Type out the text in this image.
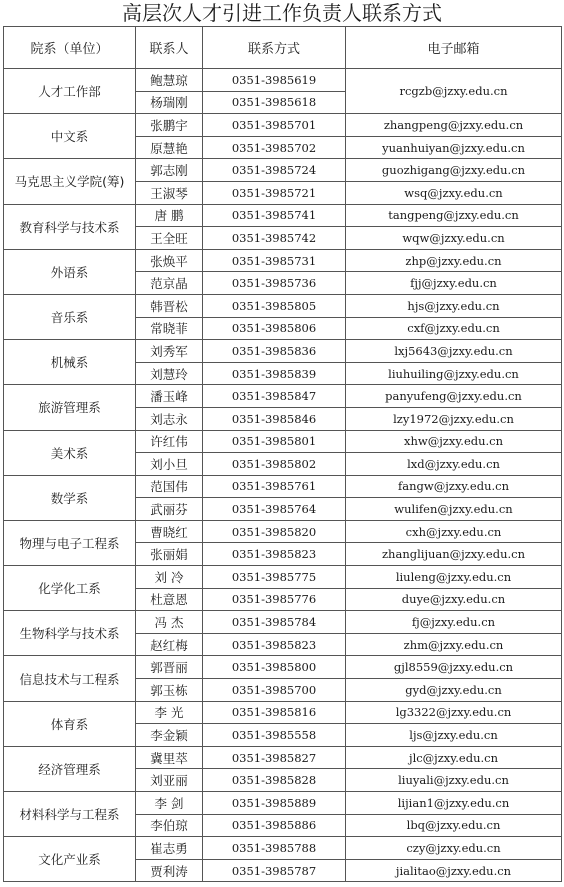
高层次人才引进工作负责人联系方式
院系（单位）	联系人	联系方式	电子邮箱
人才工作部	鲍慧琼	0351-3985619	rcgzb@jzxy.edu.cn
	杨瑞刚	0351-3985618	
中文系	张鹏宇	0351-3985701	zhangpeng@jzxy.edu.cn
	原慧艳	0351-3985702	yuanhuiyan@jzxy.edu.cn
马克思主义学院(筹)	郭志刚	0351-3985724	guozhigang@jzxy.edu.cn
	王淑琴	0351-3985721	wsq@jzxy.edu.cn
教育科学与技术系	唐 鹏	0351-3985741	tangpeng@jzxy.edu.cn
	王全旺	0351-3985742	wqw@jzxy.edu.cn
外语系	张焕平	0351-3985731	zhp@jzxy.edu.cn
	范京晶	0351-3985736	fjj@jzxy.edu.cn
音乐系	韩晋松	0351-3985805	hjs@jzxy.edu.cn
	常晓菲	0351-3985806	cxf@jzxy.edu.cn
机械系	刘秀军	0351-3985836	lxj5643@jzxy.edu.cn
	刘慧玲	0351-3985839	liuhuiling@jzxy.edu.cn
旅游管理系	潘玉峰	0351-3985847	panyufeng@jzxy.edu.cn
	刘志永	0351-3985846	lzy1972@jzxy.edu.cn
美术系	许红伟	0351-3985801	xhw@jzxy.edu.cn
	刘小旦	0351-3985802	lxd@jzxy.edu.cn
数学系	范国伟	0351-3985761	fangw@jzxy.edu.cn
	武丽芬	0351-3985764	wulifen@jzxy.edu.cn
物理与电子工程系	曹晓红	0351-3985820	cxh@jzxy.edu.cn
	张丽娟	0351-3985823	zhanglijuan@jzxy.edu.cn
化学化工系	刘 冷	0351-3985775	liuleng@jzxy.edu.cn
	杜意恩	0351-3985776	duye@jzxy.edu.cn
生物科学与技术系	冯 杰	0351-3985784	fj@jzxy.edu.cn
	赵红梅	0351-3985823	zhm@jzxy.edu.cn
信息技术与工程系	郭晋丽	0351-3985800	gjl8559@jzxy.edu.cn
	郭玉栋	0351-3985700	gyd@jzxy.edu.cn
体育系	李 光	0351-3985816	lg3322@jzxy.edu.cn
	李金颖	0351-3985558	ljs@jzxy.edu.cn
经济管理系	冀里萃	0351-3985827	jlc@jzxy.edu.cn
	刘亚丽	0351-3985828	liuyali@jzxy.edu.cn
材料科学与工程系	李 剑	0351-3985889	lijian1@jzxy.edu.cn
	李伯琼	0351-3985886	lbq@jzxy.edu.cn
文化产业系	崔志勇	0351-3985788	czy@jzxy.edu.cn
	贾利涛	0351-3985787	jialitao@jzxy.edu.cn
